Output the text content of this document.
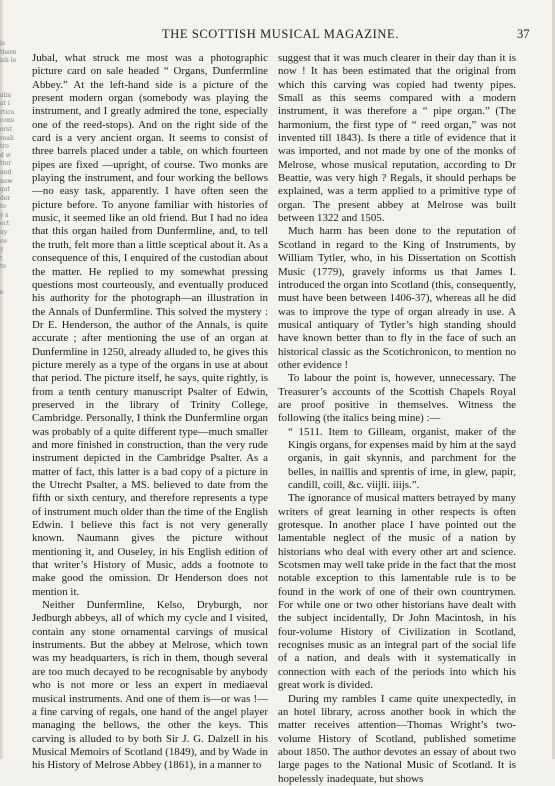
is
there
ish le

alm
at i
rticu
cons
erst
reali
tro
d w
tter
and
now
gat
der
to
y s
ect
ny
ce
y
t
to

e
THE SCOTTISH MUSICAL MAGAZINE.	37

Jubal, what struck me most was a photographic picture card on sale headed “ Organs, Dunfermline Abbey.” At the left-hand side is a picture of the present modern organ (somebody was playing the instrument, and I greatly admired the tone, especially one of the reed-stops). And on the right side of the card is a very ancient organ. It seems to consist of three barrels placed under a table, on which fourteen pipes are fixed —upright, of course. Two monks are playing the instrument, and four working the bellows—no easy task, apparently. I have often seen the picture before. To anyone familiar with histories of music, it seemed like an old friend. But I had no idea that this organ hailed from Dunfermline, and, to tell the truth, felt more than a little sceptical about it. As a consequence of this, I enquired of the custodian about the matter. He replied to my somewhat pressing questions most courteously, and eventually produced his authority for the photograph—an illustration in the Annals of Dunfermline. This solved the mystery : Dr E. Henderson, the author of the Annals, is quite accurate ; after mentioning the use of an organ at Dunfermline in 1250, already alluded to, he gives this picture merely as a type of the organs in use at about that period. The picture itself, he says, quite rightly, is from a tenth century manuscript Psalter of Edwin, preserved in the library of Trinity College, Cambridge. Personally, I think the Dunfermline organ was probably of a quite different type—much smaller and more finished in construction, than the very rude instrument depicted in the Cambridge Psalter. As a matter of fact, this latter is a bad copy of a picture in the Utrecht Psalter, a MS. believed to date from the fifth or sixth century, and therefore represents a type of instrument much older than the time of the English Edwin. I believe this fact is not very generally known. Naumann gives the picture without mentioning it, and Ouseley, in his English edition of that writer’s History of Music, adds a footnote to make good the omission. Dr Henderson does not mention it.

Neither Dunfermline, Kelso, Dryburgh, nor Jedburgh abbeys, all of which my cycle and I visited, contain any stone ornamental carvings of musical instruments. But the abbey at Melrose, which town was my headquarters, is rich in them, though several are too much decayed to be recognisable by anybody who is not more or less an expert in mediaeval musical instruments. And one of them is—or was !—a fine carving of regals, one hand of the angel player managing the bellows, the other the keys. This carving is alluded to by both Sir J. G. Dalzell in his Musical Memoirs of Scotland (1849), and by Wade in his History of Melrose Abbey (1861), in a manner to

suggest that it was much clearer in their day than it is now ! It has been estimated that the original from which this carving was copied had twenty pipes. Small as this seems compared with a modern instrument, it was therefore a “ pipe organ.” (The harmonium, the first type of “ reed organ,” was not invented till 1843). Is there a title of evidence that it was imported, and not made by one of the monks of Melrose, whose musical reputation, according to Dr Beattie, was very high ? Regals, it should perhaps be explained, was a term applied to a primitive type of organ. The present abbey at Melrose was built between 1322 and 1505.

Much harm has been done to the reputation of Scotland in regard to the King of Instruments, by William Tytler, who, in his Dissertation on Scottish Music (1779), gravely informs us that James I. introduced the organ into Scotland (this, consequently, must have been between 1406-37), whereas all he did was to improve the type of organ already in use. A musical antiquary of Tytler’s high standing should have known better than to fly in the face of such an historical classic as the Scotichronicon, to mention no other evidence !

To labour the point is, however, unnecessary. The Treasurer’s accounts of the Scottish Chapels Royal are proof positive in themselves. Witness the following (the italics being mine) :—

“ 1511. Item to Gilleam, organist, maker of the Kingis organs, for expenses maid by him at the sayd organis, in gait skynnis, and parchment for the belles, in naillis and sprentis of irne, in glew, papir, candill, coill, &c. viijli. iiijs.”.

The ignorance of musical matters betrayed by many writers of great learning in other respects is often grotesque. In another place I have pointed out the lamentable neglect of the music of a nation by historians who deal with every other art and science. Scotsmen may well take pride in the fact that the most notable exception to this lamentable rule is to be found in the work of one of their own countrymen. For while one or two other historians have dealt with the subject incidentally, Dr John Macintosh, in his four-volume History of Civilization in Scotland, recognises music as an integral part of the social life of a nation, and deals with it systematically in connection with each of the periods into which his great work is divided.

During my rambles I came quite unexpectedly, in an hotel library, across another book in which the matter receives attention—Thomas Wright’s two-volume History of Scotland, published sometime about 1850. The author devotes an essay of about two large pages to the National Music of Scotland. It is hopelessly inadequate, but shows
